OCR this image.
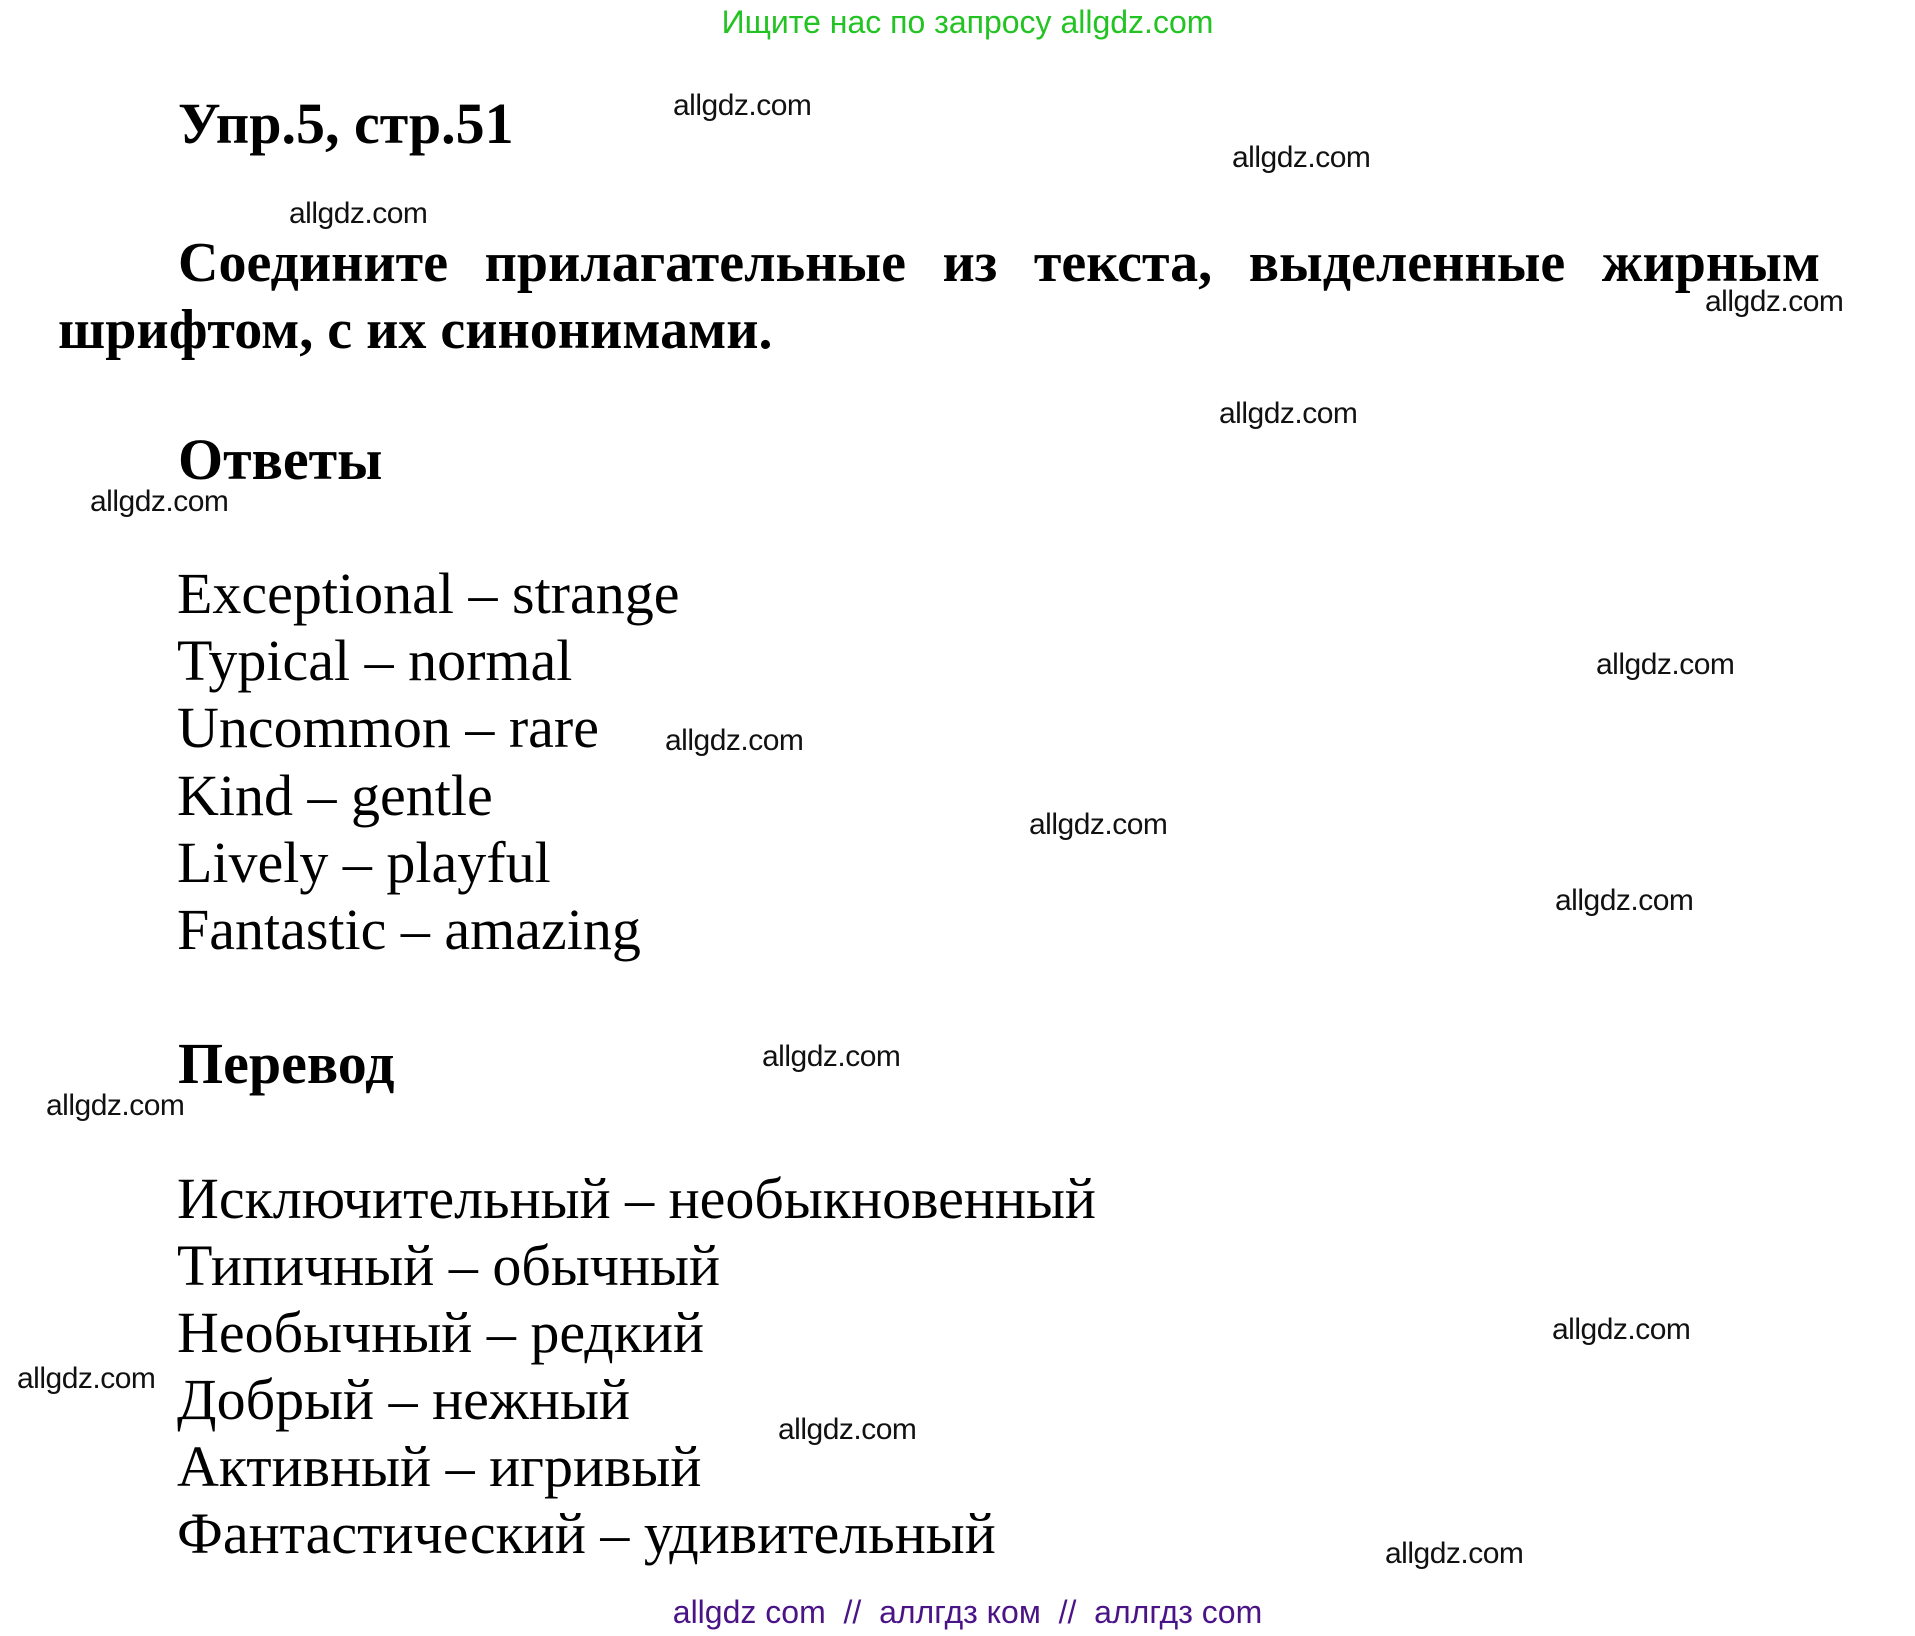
Ищите нас по запросу allgdz.com
Упр.5, стр.51
Соедините прилагательные из текста, выделенные жирным шрифтом, с их синонимами.
Ответы
Exceptional – strange
Typical – normal
Uncommon – rare
Kind – gentle
Lively – playful
Fantastic – amazing
Перевод
Исключительный – необыкновенный
Типичный – обычный
Необычный – редкий
Добрый – нежный
Активный – игривый
Фантастический – удивительный
allgdz.com
allgdz.com
allgdz.com
allgdz.com
allgdz.com
allgdz.com
allgdz.com
allgdz.com
allgdz.com
allgdz.com
allgdz.com
allgdz.com
allgdz.com
allgdz.com
allgdz.com
allgdz.com
allgdz com  //  аллгдз ком  //  аллгдз com
